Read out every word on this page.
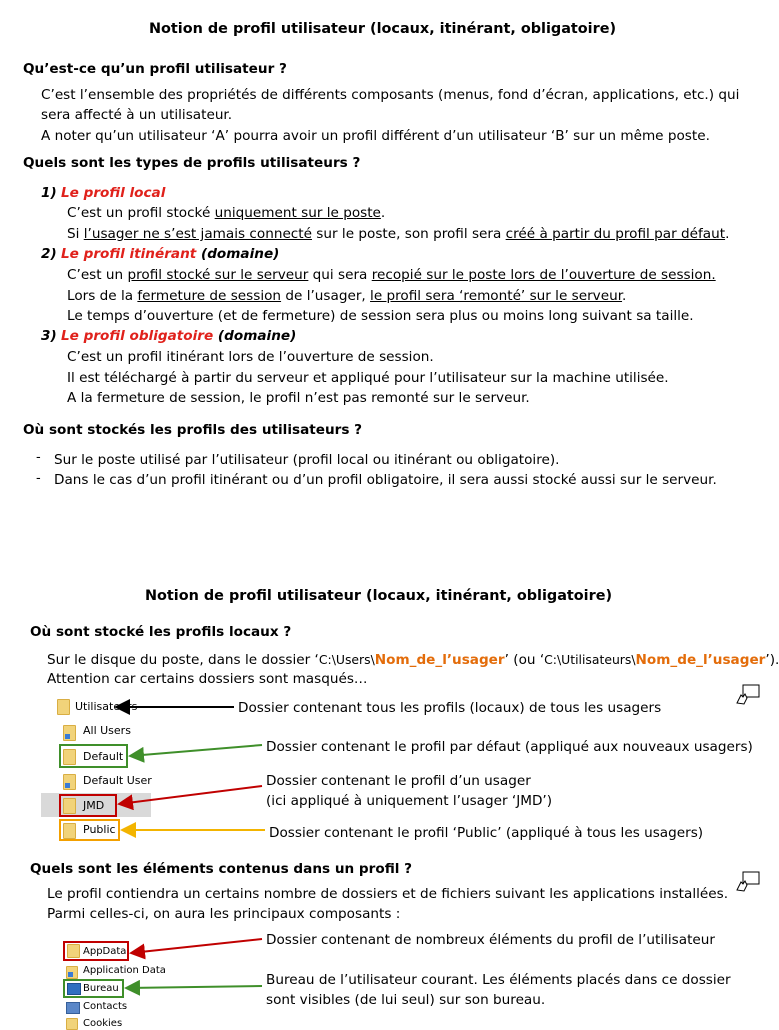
Notion de profil utilisateur (locaux, itinérant, obligatoire)
Qu’est-ce qu’un profil utilisateur ?
C’est l’ensemble des propriétés de différents composants (menus, fond d’écran, applications, etc.) qui
sera affecté à un utilisateur.
A noter qu’un utilisateur ‘A’ pourra avoir un profil différent d’un utilisateur ‘B’ sur un même poste.
Quels sont les types de profils utilisateurs ?
1) Le profil local
C’est un profil stocké uniquement sur le poste.
Si l’usager ne s’est jamais connecté sur le poste, son profil sera créé à partir du profil par défaut.
2) Le profil itinérant (domaine)
C’est un profil stocké sur le serveur qui sera recopié sur le poste lors de l’ouverture de session.
Lors de la fermeture de session de l’usager, le profil sera ‘remonté’ sur le serveur.
Le temps d’ouverture (et de fermeture) de session sera plus ou moins long suivant sa taille.
3) Le profil obligatoire (domaine)
C’est un profil itinérant lors de l’ouverture de session.
Il est téléchargé à partir du serveur et appliqué pour l’utilisateur sur la machine utilisée.
A la fermeture de session, le profil n’est pas remonté sur le serveur.
Où sont stockés les profils des utilisateurs ?
- Sur le poste utilisé par l’utilisateur (profil local ou itinérant ou obligatoire).
- Dans le cas d’un profil itinérant ou d’un profil obligatoire, il sera aussi stocké aussi sur le serveur.
Notion de profil utilisateur (locaux, itinérant, obligatoire)
Où sont stocké les profils locaux ?
Sur le disque du poste, dans le dossier ‘C:\Users\Nom_de_l’usager’ (ou ‘C:\Utilisateurs\Nom_de_l’usager’).
Attention car certains dossiers sont masqués…
Utilisateurs
All Users
Default
Default User
JMD
Public
Dossier contenant tous les profils (locaux) de tous les usagers
Dossier contenant le profil par défaut (appliqué aux nouveaux usagers)
Dossier contenant le profil d’un usager
(ici appliqué à uniquement l’usager ‘JMD’)
Dossier contenant le profil ‘Public’ (appliqué à tous les usagers)
Quels sont les éléments contenus dans un profil ?
Le profil contiendra un certains nombre de dossiers et de fichiers suivant les applications installées.
Parmi celles-ci, on aura les principaux composants :
AppData
Application Data
Bureau
Contacts
Cookies
Dossier contenant de nombreux éléments du profil de l’utilisateur
Bureau de l’utilisateur courant. Les éléments placés dans ce dossier
sont visibles (de lui seul) sur son bureau.
